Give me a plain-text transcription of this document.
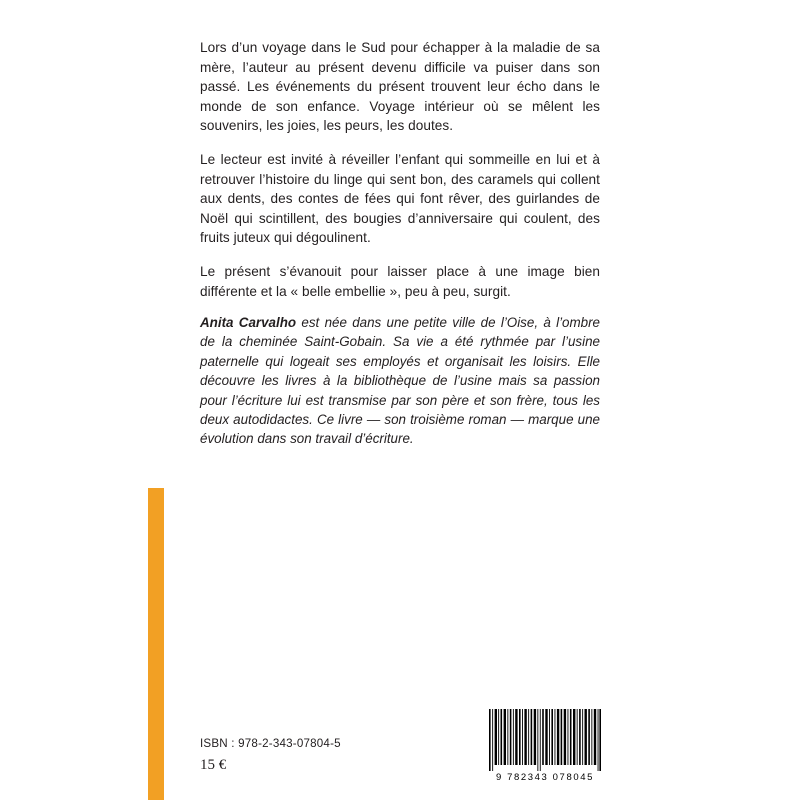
Lors d’un voyage dans le Sud pour échapper à la maladie de sa mère, l’auteur au présent devenu difficile va puiser dans son passé. Les événements du présent trouvent leur écho dans le monde de son enfance. Voyage intérieur où se mêlent les souvenirs, les joies, les peurs, les doutes.

Le lecteur est invité à réveiller l’enfant qui sommeille en lui et à retrouver l’histoire du linge qui sent bon, des caramels qui collent aux dents, des contes de fées qui font rêver, des guirlandes de Noël qui scintillent, des bougies d’anniversaire qui coulent, des fruits juteux qui dégoulinent.

Le présent s’évanouit pour laisser place à une image bien différente et la « belle embellie », peu à peu, surgit.

Anita Carvalho est née dans une petite ville de l’Oise, à l’ombre de la cheminée Saint-Gobain. Sa vie a été rythmée par l’usine paternelle qui logeait ses employés et organisait les loisirs. Elle découvre les livres à la bibliothèque de l’usine mais sa passion pour l’écriture lui est transmise par son père et son frère, tous les deux autodidactes. Ce livre — son troisième roman — marque une évolution dans son travail d’écriture.
ISBN : 978-2-343-07804-5
15 €
9 782343 078045
